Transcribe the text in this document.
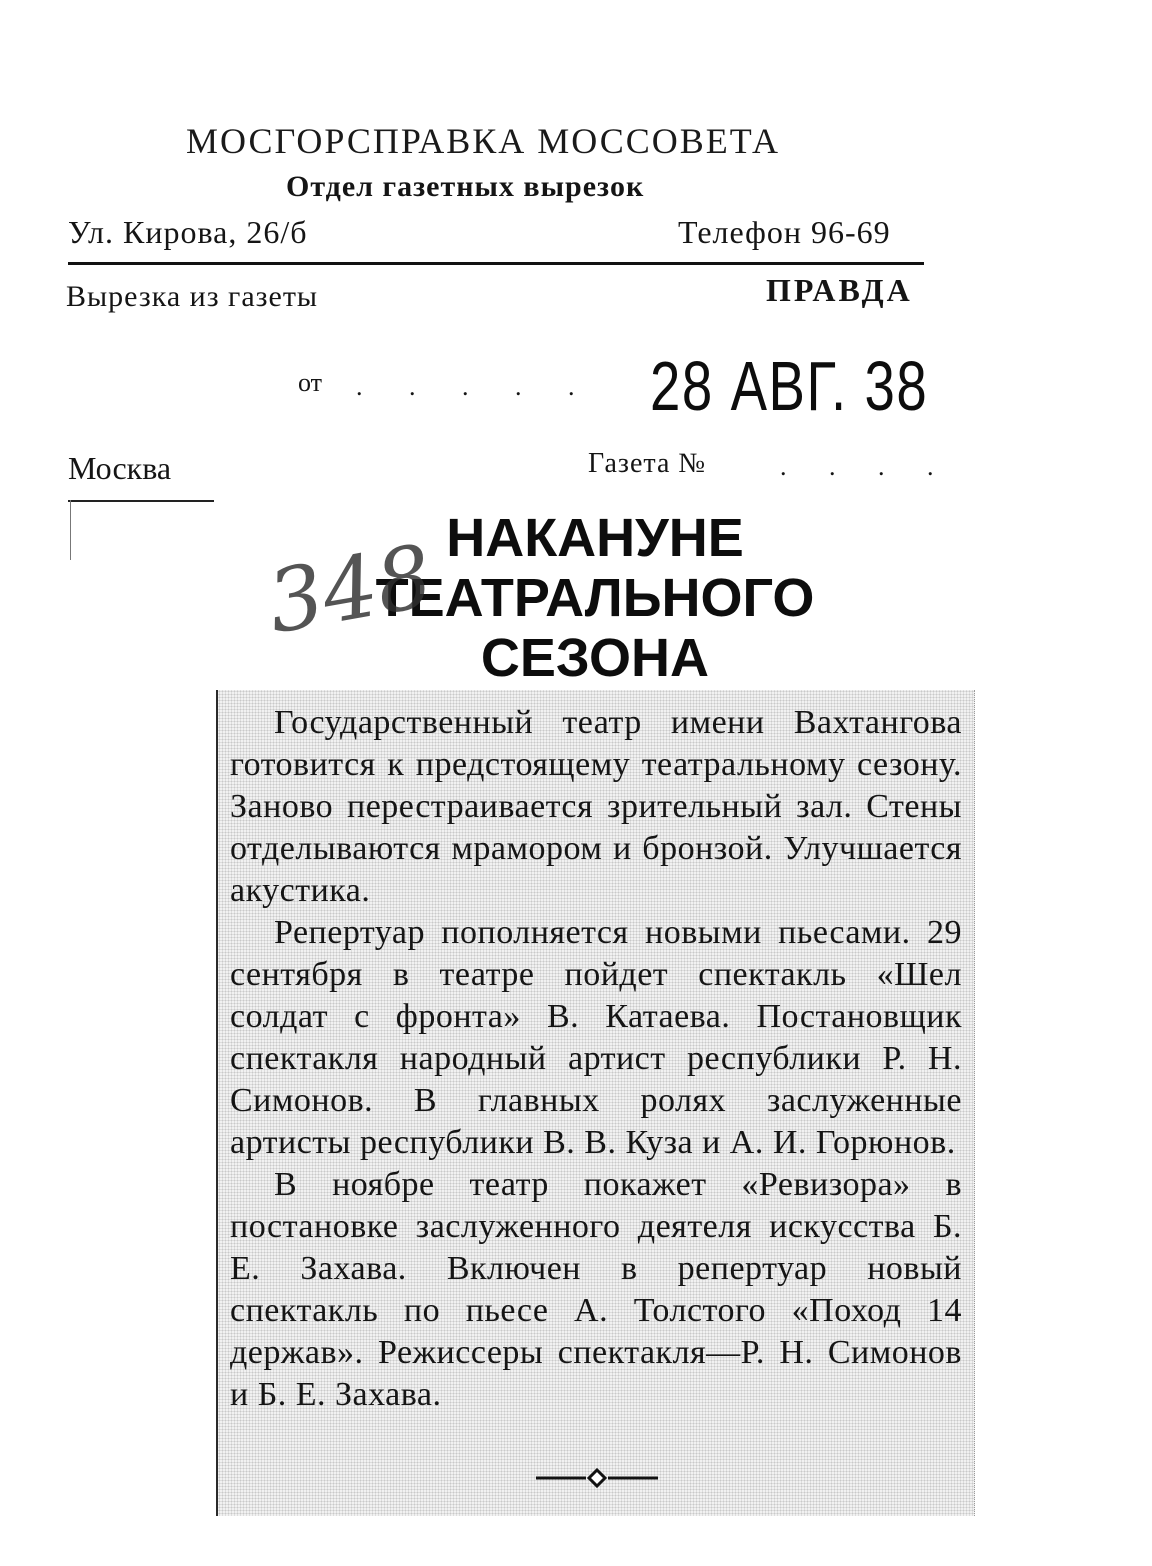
МОСГОРСПРАВКА МОССОВЕТА
Отдел газетных вырезок
Ул. Кирова, 26/б	Телефон 96-69
Вырезка из газеты	ПРАВДА
от . . . . . 28 АВГ. 38
Москва	Газета №	. . . .
НАКАНУНЕ
ТЕАТРАЛЬНОГО
СЕЗОНА
348

Государственный театр имени Вахтангова готовится к предстоящему театральному сезону. Заново перестраивается зрительный зал. Стены отделываются мрамором и бронзой. Улучшается акустика.

Репертуар пополняется новыми пьесами. 29 сентября в театре пойдет спектакль «Шел солдат с фронта» В. Катаева. Постановщик спектакля народный артист республики Р. Н. Симонов. В главных ролях заслуженные артисты республики В. В. Куза и А. И. Горюнов.

В ноябре театр покажет «Ревизора» в постановке заслуженного деятеля искусства Б. Е. Захава. Включен в репертуар новый спектакль по пьесе А. Толстого «Поход 14 держав». Режиссеры спектакля—Р. Н. Симонов и Б. Е. Захава.
